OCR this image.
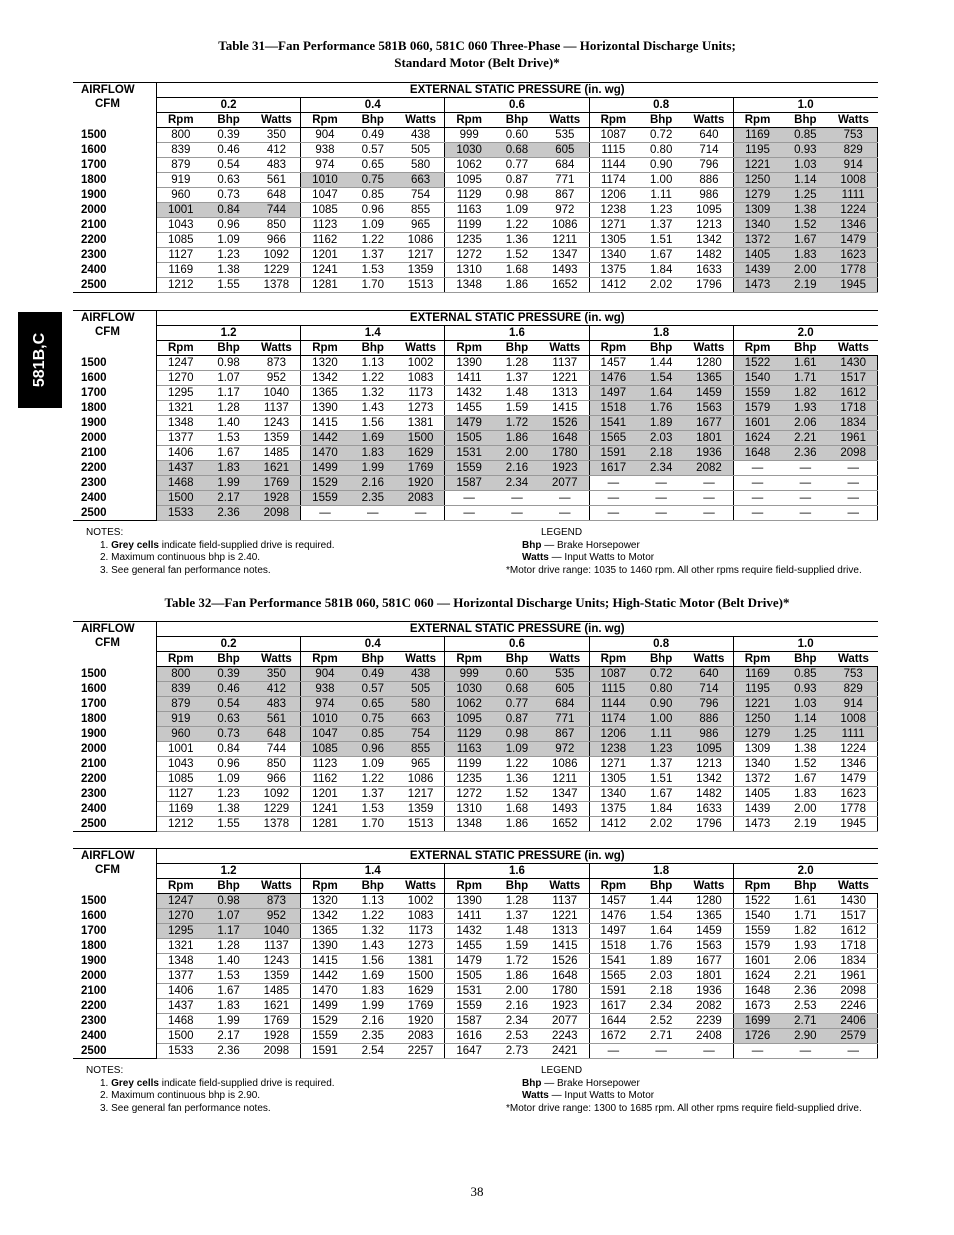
581B,C
Table 31—Fan Performance 581B 060, 581C 060 Three-Phase — Horizontal Discharge Units;
Standard Motor (Belt Drive)*
AIRFLOW	EXTERNAL STATIC PRESSURE (in. wg)														
CFM	0.2			0.4			0.6			0.8			1.0		
	Rpm	Bhp	Watts	Rpm	Bhp	Watts	Rpm	Bhp	Watts	Rpm	Bhp	Watts	Rpm	Bhp	Watts
1500	800	0.39	350	904	0.49	438	999	0.60	535	1087	0.72	640	1169	0.85	753
1600	839	0.46	412	938	0.57	505	1030	0.68	605	1115	0.80	714	1195	0.93	829
1700	879	0.54	483	974	0.65	580	1062	0.77	684	1144	0.90	796	1221	1.03	914
1800	919	0.63	561	1010	0.75	663	1095	0.87	771	1174	1.00	886	1250	1.14	1008
1900	960	0.73	648	1047	0.85	754	1129	0.98	867	1206	1.11	986	1279	1.25	1111
2000	1001	0.84	744	1085	0.96	855	1163	1.09	972	1238	1.23	1095	1309	1.38	1224
2100	1043	0.96	850	1123	1.09	965	1199	1.22	1086	1271	1.37	1213	1340	1.52	1346
2200	1085	1.09	966	1162	1.22	1086	1235	1.36	1211	1305	1.51	1342	1372	1.67	1479
2300	1127	1.23	1092	1201	1.37	1217	1272	1.52	1347	1340	1.67	1482	1405	1.83	1623
2400	1169	1.38	1229	1241	1.53	1359	1310	1.68	1493	1375	1.84	1633	1439	2.00	1778
2500	1212	1.55	1378	1281	1.70	1513	1348	1.86	1652	1412	2.02	1796	1473	2.19	1945
AIRFLOW	EXTERNAL STATIC PRESSURE (in. wg)														
CFM	1.2			1.4			1.6			1.8			2.0		
	Rpm	Bhp	Watts	Rpm	Bhp	Watts	Rpm	Bhp	Watts	Rpm	Bhp	Watts	Rpm	Bhp	Watts
1500	1247	0.98	873	1320	1.13	1002	1390	1.28	1137	1457	1.44	1280	1522	1.61	1430
1600	1270	1.07	952	1342	1.22	1083	1411	1.37	1221	1476	1.54	1365	1540	1.71	1517
1700	1295	1.17	1040	1365	1.32	1173	1432	1.48	1313	1497	1.64	1459	1559	1.82	1612
1800	1321	1.28	1137	1390	1.43	1273	1455	1.59	1415	1518	1.76	1563	1579	1.93	1718
1900	1348	1.40	1243	1415	1.56	1381	1479	1.72	1526	1541	1.89	1677	1601	2.06	1834
2000	1377	1.53	1359	1442	1.69	1500	1505	1.86	1648	1565	2.03	1801	1624	2.21	1961
2100	1406	1.67	1485	1470	1.83	1629	1531	2.00	1780	1591	2.18	1936	1648	2.36	2098
2200	1437	1.83	1621	1499	1.99	1769	1559	2.16	1923	1617	2.34	2082	—	—	—
2300	1468	1.99	1769	1529	2.16	1920	1587	2.34	2077	—	—	—	—	—	—
2400	1500	2.17	1928	1559	2.35	2083	—	—	—	—	—	—	—	—	—
2500	1533	2.36	2098	—	—	—	—	—	—	—	—	—	—	—	—
NOTES:
1. Grey cells indicate field-supplied drive is required.
2. Maximum continuous bhp is 2.40.
3. See general fan performance notes.
LEGEND
Bhp — Brake Horsepower
Watts — Input Watts to Motor
*Motor drive range: 1035 to 1460 rpm. All other rpms require field-supplied drive.
Table 32—Fan Performance 581B 060, 581C 060 — Horizontal Discharge Units; High-Static Motor (Belt Drive)*
AIRFLOW	EXTERNAL STATIC PRESSURE (in. wg)														
CFM	0.2			0.4			0.6			0.8			1.0		
	Rpm	Bhp	Watts	Rpm	Bhp	Watts	Rpm	Bhp	Watts	Rpm	Bhp	Watts	Rpm	Bhp	Watts
1500	800	0.39	350	904	0.49	438	999	0.60	535	1087	0.72	640	1169	0.85	753
1600	839	0.46	412	938	0.57	505	1030	0.68	605	1115	0.80	714	1195	0.93	829
1700	879	0.54	483	974	0.65	580	1062	0.77	684	1144	0.90	796	1221	1.03	914
1800	919	0.63	561	1010	0.75	663	1095	0.87	771	1174	1.00	886	1250	1.14	1008
1900	960	0.73	648	1047	0.85	754	1129	0.98	867	1206	1.11	986	1279	1.25	1111
2000	1001	0.84	744	1085	0.96	855	1163	1.09	972	1238	1.23	1095	1309	1.38	1224
2100	1043	0.96	850	1123	1.09	965	1199	1.22	1086	1271	1.37	1213	1340	1.52	1346
2200	1085	1.09	966	1162	1.22	1086	1235	1.36	1211	1305	1.51	1342	1372	1.67	1479
2300	1127	1.23	1092	1201	1.37	1217	1272	1.52	1347	1340	1.67	1482	1405	1.83	1623
2400	1169	1.38	1229	1241	1.53	1359	1310	1.68	1493	1375	1.84	1633	1439	2.00	1778
2500	1212	1.55	1378	1281	1.70	1513	1348	1.86	1652	1412	2.02	1796	1473	2.19	1945
AIRFLOW	EXTERNAL STATIC PRESSURE (in. wg)														
CFM	1.2			1.4			1.6			1.8			2.0		
	Rpm	Bhp	Watts	Rpm	Bhp	Watts	Rpm	Bhp	Watts	Rpm	Bhp	Watts	Rpm	Bhp	Watts
1500	1247	0.98	873	1320	1.13	1002	1390	1.28	1137	1457	1.44	1280	1522	1.61	1430
1600	1270	1.07	952	1342	1.22	1083	1411	1.37	1221	1476	1.54	1365	1540	1.71	1517
1700	1295	1.17	1040	1365	1.32	1173	1432	1.48	1313	1497	1.64	1459	1559	1.82	1612
1800	1321	1.28	1137	1390	1.43	1273	1455	1.59	1415	1518	1.76	1563	1579	1.93	1718
1900	1348	1.40	1243	1415	1.56	1381	1479	1.72	1526	1541	1.89	1677	1601	2.06	1834
2000	1377	1.53	1359	1442	1.69	1500	1505	1.86	1648	1565	2.03	1801	1624	2.21	1961
2100	1406	1.67	1485	1470	1.83	1629	1531	2.00	1780	1591	2.18	1936	1648	2.36	2098
2200	1437	1.83	1621	1499	1.99	1769	1559	2.16	1923	1617	2.34	2082	1673	2.53	2246
2300	1468	1.99	1769	1529	2.16	1920	1587	2.34	2077	1644	2.52	2239	1699	2.71	2406
2400	1500	2.17	1928	1559	2.35	2083	1616	2.53	2243	1672	2.71	2408	1726	2.90	2579
2500	1533	2.36	2098	1591	2.54	2257	1647	2.73	2421	—	—	—	—	—	—
NOTES:
1. Grey cells indicate field-supplied drive is required.
2. Maximum continuous bhp is 2.90.
3. See general fan performance notes.
LEGEND
Bhp — Brake Horsepower
Watts — Input Watts to Motor
*Motor drive range: 1300 to 1685 rpm. All other rpms require field-supplied drive.
38
